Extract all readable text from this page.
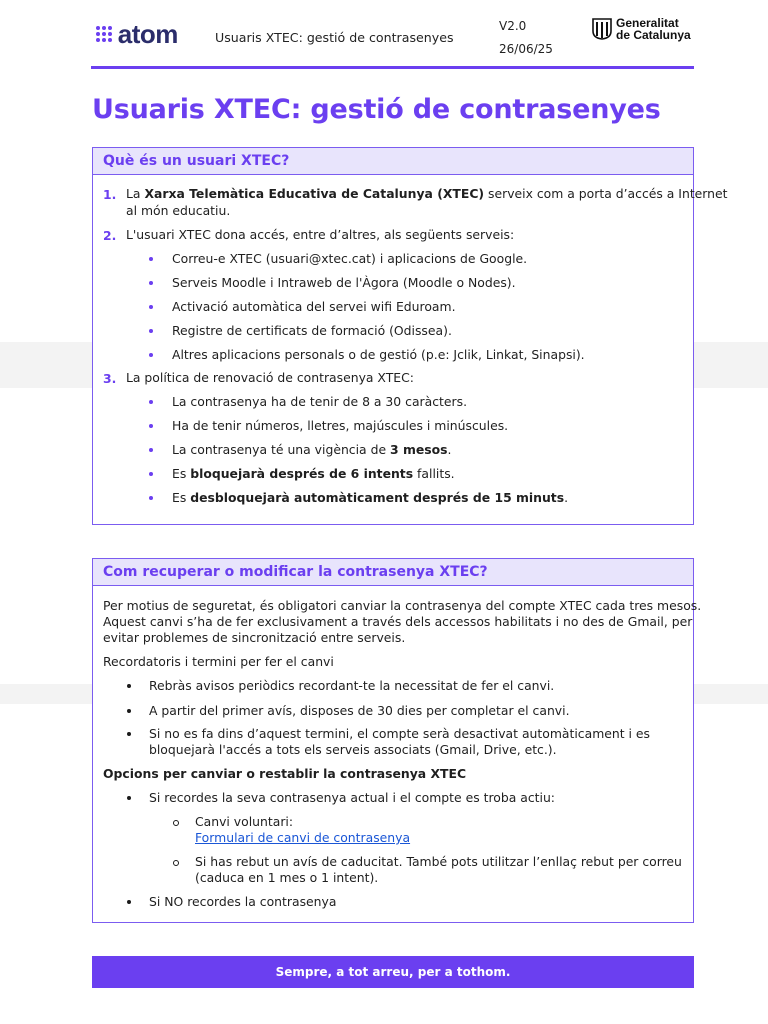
atom	Usuaris XTEC: gestió de contrasenyes
V2.0
26/06/25
Generalitat
de Catalunya
Usuaris XTEC: gestió de contrasenyes
Què és un usuari XTEC?
1. La Xarxa Telemàtica Educativa de Catalunya (XTEC) serveix com a porta d’accés a Internet
al món educatiu.
2. L'usuari XTEC dona accés, entre d’altres, als següents serveis:
Correu-e XTEC (usuari@xtec.cat) i aplicacions de Google.
Serveis Moodle i Intraweb de l'Àgora (Moodle o Nodes).
Activació automàtica del servei wifi Eduroam.
Registre de certificats de formació (Odissea).
Altres aplicacions personals o de gestió (p.e: Jclik, Linkat, Sinapsi).
3. La política de renovació de contrasenya XTEC:
La contrasenya ha de tenir de 8 a 30 caràcters.
Ha de tenir números, lletres, majúscules i minúscules.
La contrasenya té una vigència de 3 mesos.
Es bloquejarà després de 6 intents fallits.
Es desbloquejarà automàticament després de 15 minuts.
Com recuperar o modificar la contrasenya XTEC?
Per motius de seguretat, és obligatori canviar la contrasenya del compte XTEC cada tres mesos.
Aquest canvi s’ha de fer exclusivament a través dels accessos habilitats i no des de Gmail, per
evitar problemes de sincronització entre serveis.
Recordatoris i termini per fer el canvi
Rebràs avisos periòdics recordant-te la necessitat de fer el canvi.
A partir del primer avís, disposes de 30 dies per completar el canvi.
Si no es fa dins d’aquest termini, el compte serà desactivat automàticament i es
bloquejarà l'accés a tots els serveis associats (Gmail, Drive, etc.).
Opcions per canviar o restablir la contrasenya XTEC
Si recordes la seva contrasenya actual i el compte es troba actiu:
Canvi voluntari:
Formulari de canvi de contrasenya
Si has rebut un avís de caducitat. També pots utilitzar l’enllaç rebut per correu
(caduca en 1 mes o 1 intent).
Si NO recordes la contrasenya
Sempre, a tot arreu, per a tothom.
